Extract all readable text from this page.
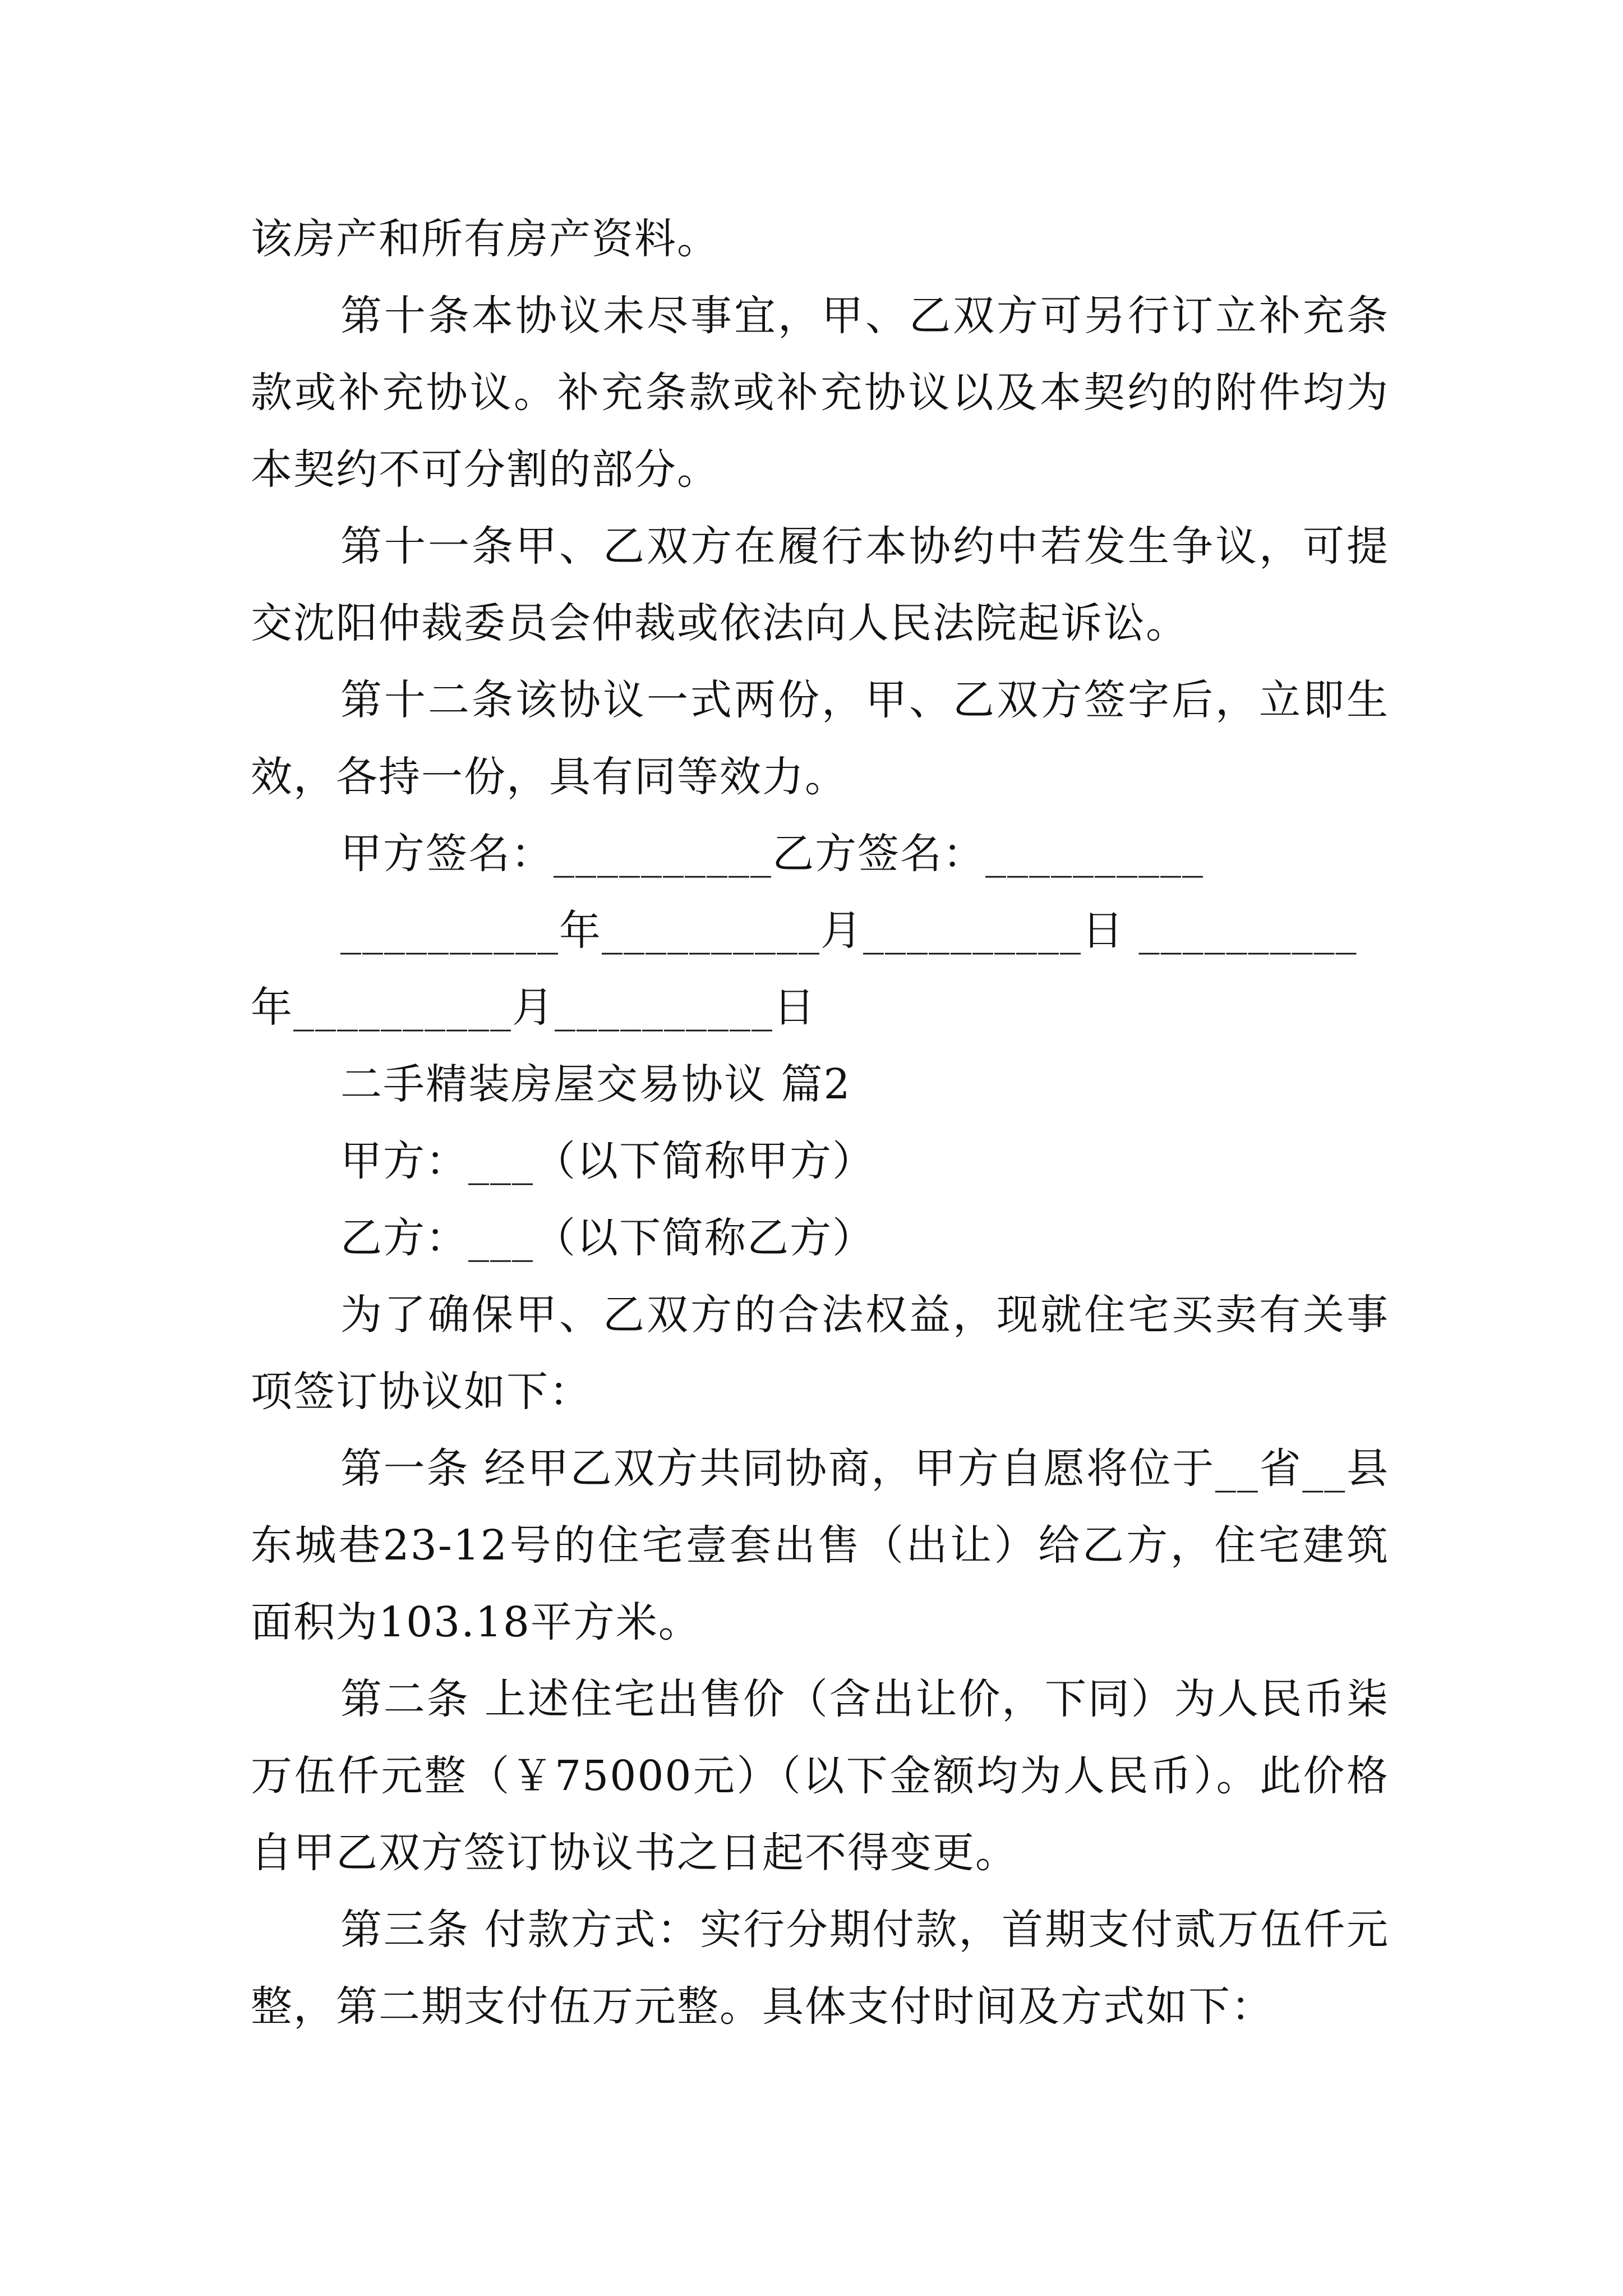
该房产和所有房产资料。

第十条本协议未尽事宜，甲、乙双方可另行订立补充条款或补充协议。补充条款或补充协议以及本契约的附件均为本契约不可分割的部分。

第十一条甲、乙双方在履行本协约中若发生争议，可提交沈阳仲裁委员会仲裁或依法向人民法院起诉讼。

第十二条该协议一式两份，甲、乙双方签字后，立即生效，各持一份，具有同等效力。

甲方签名：__________乙方签名：__________

__________年__________月__________日 __________

年__________月__________日

二手精装房屋交易协议 篇2

甲方：___（以下简称甲方）

乙方：___（以下简称乙方）

为了确保甲、乙双方的合法权益，现就住宅买卖有关事项签订协议如下：

第一条 经甲乙双方共同协商，甲方自愿将位于__省__县东城巷23-12号的住宅壹套出售（出让）给乙方，住宅建筑面积为103.18平方米。

第二条 上述住宅出售价（含出让价，下同）为人民币柒万伍仟元整（￥75000元）（以下金额均为人民币）。此价格自甲乙双方签订协议书之日起不得变更。

第三条 付款方式：实行分期付款，首期支付贰万伍仟元整，第二期支付伍万元整。具体支付时间及方式如下：
